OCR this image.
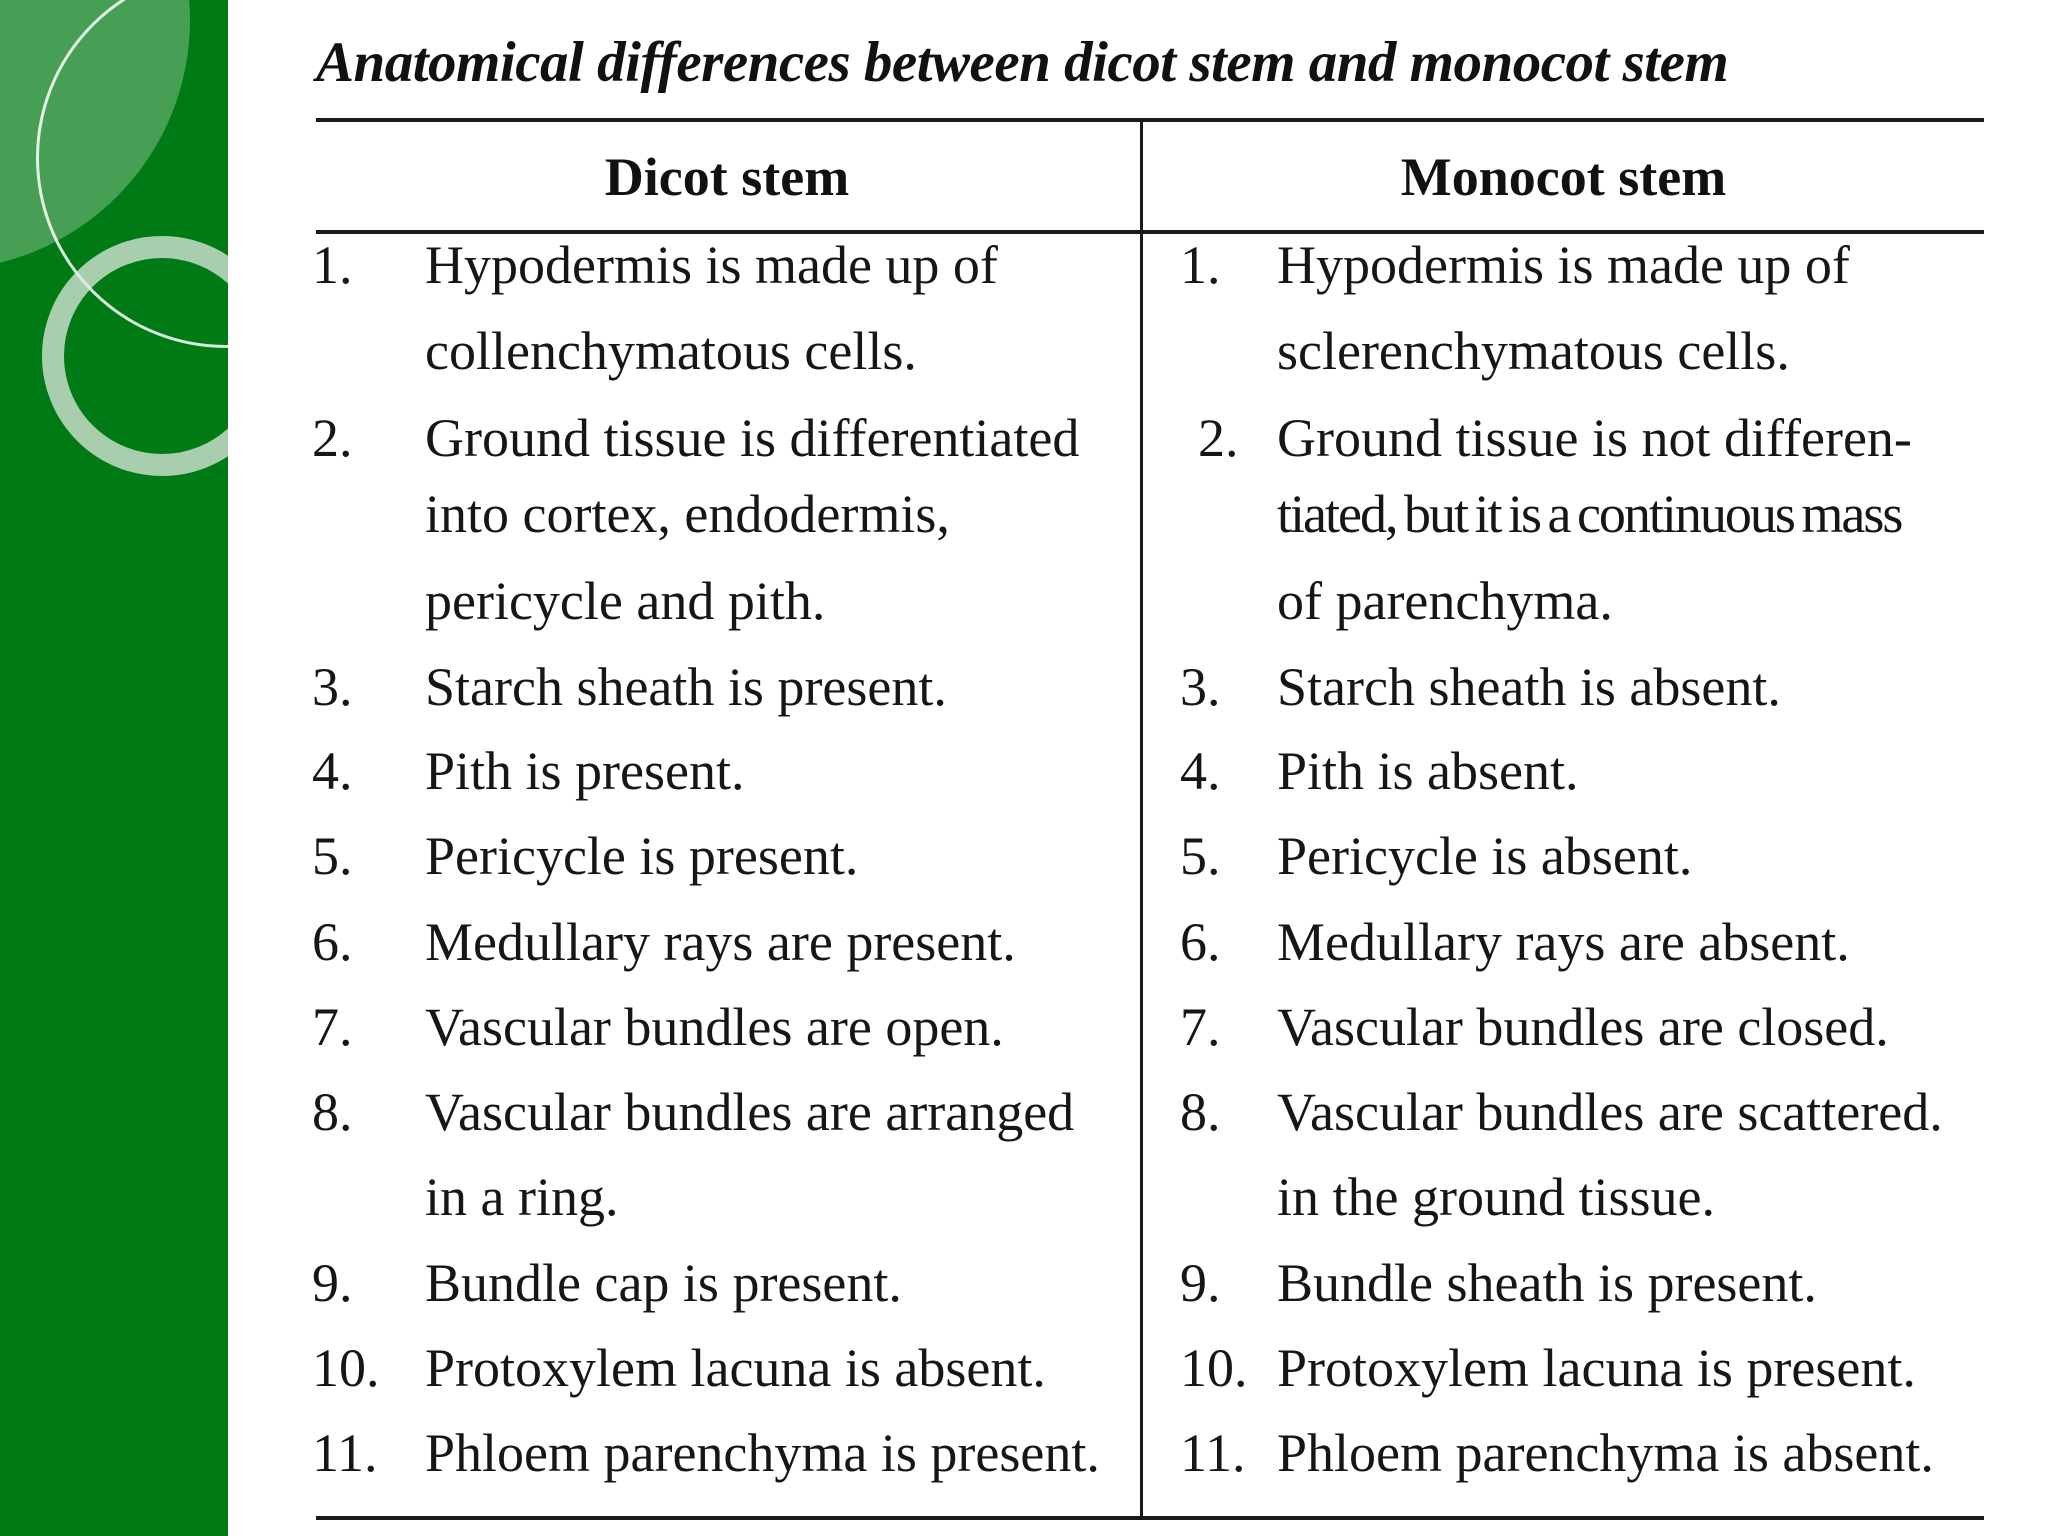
Anatomical differences between dicot stem and monocot stem
Dicot stem	Monocot stem
1. Hypodermis is made up of
collenchymatous cells.
2. Ground tissue is differentiated
into cortex, endodermis,
pericycle and pith.
3. Starch sheath is present.
4. Pith is present.
5. Pericycle is present.
6. Medullary rays are present.
7. Vascular bundles are open.
8. Vascular bundles are arranged
in a ring.
9. Bundle cap is present.
10. Protoxylem lacuna is absent.
11. Phloem parenchyma is present.
1. Hypodermis is made up of
sclerenchymatous cells.
2. Ground tissue is not differen-
tiated, but it is a continuous mass
of parenchyma.
3. Starch sheath is absent.
4. Pith is absent.
5. Pericycle is absent.
6. Medullary rays are absent.
7. Vascular bundles are closed.
8. Vascular bundles are scattered.
in the ground tissue.
9. Bundle sheath is present.
10. Protoxylem lacuna is present.
11. Phloem parenchyma is absent.
